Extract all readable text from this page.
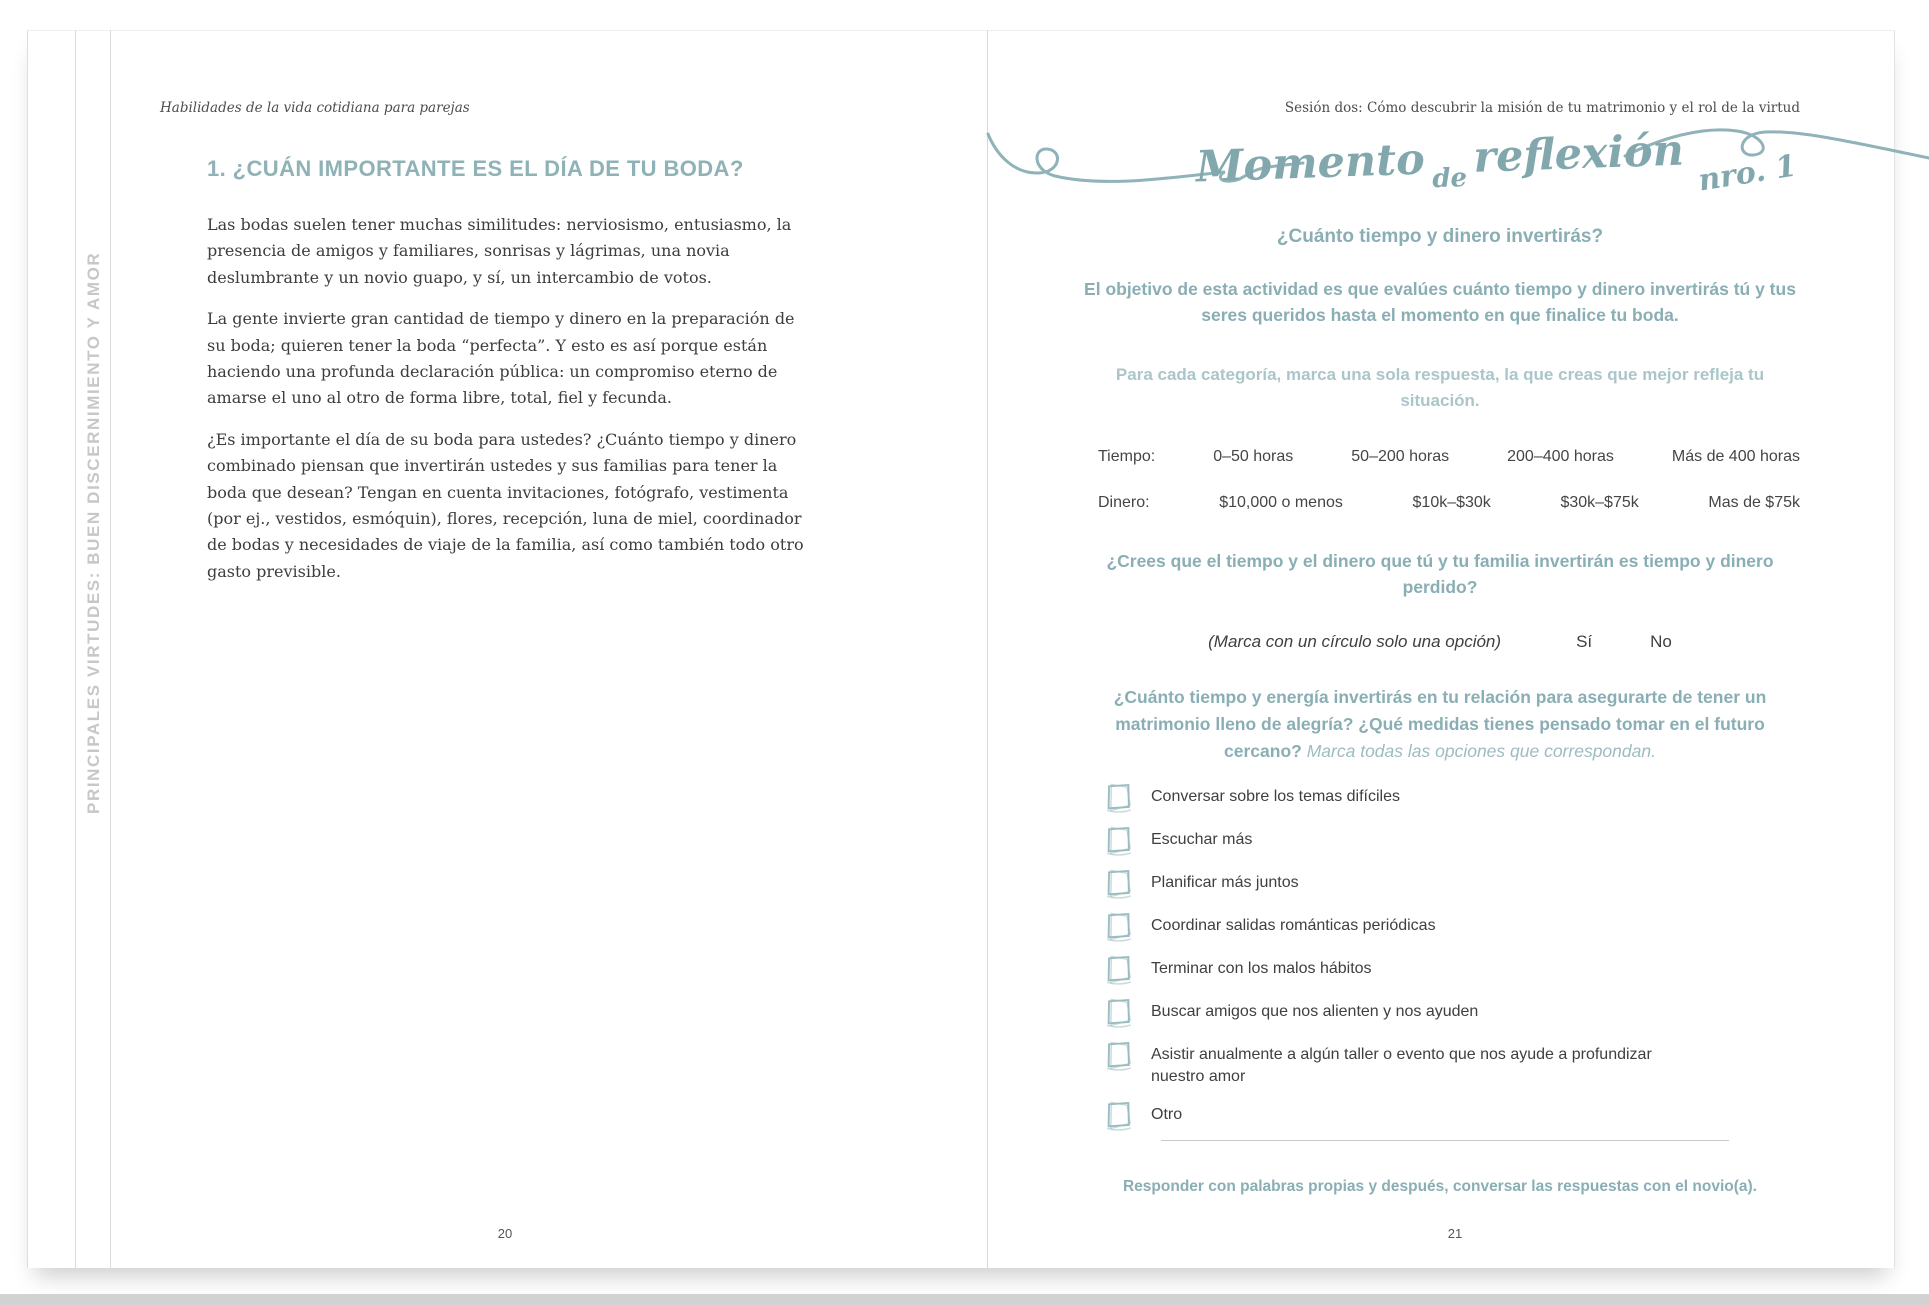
PRINCIPALES VIRTUDES: BUEN DISCERNIMIENTO Y AMOR
Habilidades de la vida cotidiana para parejas
1. ¿CUÁN IMPORTANTE ES EL DÍA DE TU BODA?

Las bodas suelen tener muchas similitudes: nerviosismo, entusiasmo, la presencia de amigos y familiares, sonrisas y lágrimas, una novia deslumbrante y un novio guapo, y sí, un intercambio de votos.

La gente invierte gran cantidad de tiempo y dinero en la preparación de su boda; quieren tener la boda “perfecta”. Y esto es así porque están haciendo una profunda declaración pública: un compromiso eterno de amarse el uno al otro de forma libre, total, fiel y fecunda.

¿Es importante el día de su boda para ustedes? ¿Cuánto tiempo y dinero combinado piensan que invertirán ustedes y sus familias para tener la boda que desean? Tengan en cuenta invitaciones, fotógrafo, vestimenta (por ej., vestidos, esmóquin), flores, recepción, luna de miel, coordinador de bodas y necesidades de viaje de la familia, así como también todo otro gasto previsible.

20
Sesión dos: Cómo descubrir la misión de tu matrimonio y el rol de la virtud
Momento de reflexión nro. 1
¿Cuánto tiempo y dinero invertirás?
El objetivo de esta actividad es que evalúes cuánto tiempo y dinero invertirás tú y tus seres queridos hasta el momento en que finalice tu boda.
Para cada categoría, marca una sola respuesta, la que creas que mejor refleja tu situación.
Tiempo:	0–50 horas	50–200 horas	200–400 horas	Más de 400 horas
Dinero:	$10,000 o menos	$10k–$30k	$30k–$75k	Mas de $75k
¿Crees que el tiempo y el dinero que tú y tu familia invertirán es tiempo y dinero perdido?
(Marca con un círculo solo una opción)	Sí	No
¿Cuánto tiempo y energía invertirás en tu relación para asegurarte de tener un matrimonio lleno de alegría? ¿Qué medidas tienes pensado tomar en el futuro cercano? Marca todas las opciones que correspondan.
Conversar sobre los temas difíciles
Escuchar más
Planificar más juntos
Coordinar salidas románticas periódicas
Terminar con los malos hábitos
Buscar amigos que nos alienten y nos ayuden
Asistir anualmente a algún taller o evento que nos ayude a profundizar nuestro amor
Otro
Responder con palabras propias y después, conversar las respuestas con el novio(a).
21
